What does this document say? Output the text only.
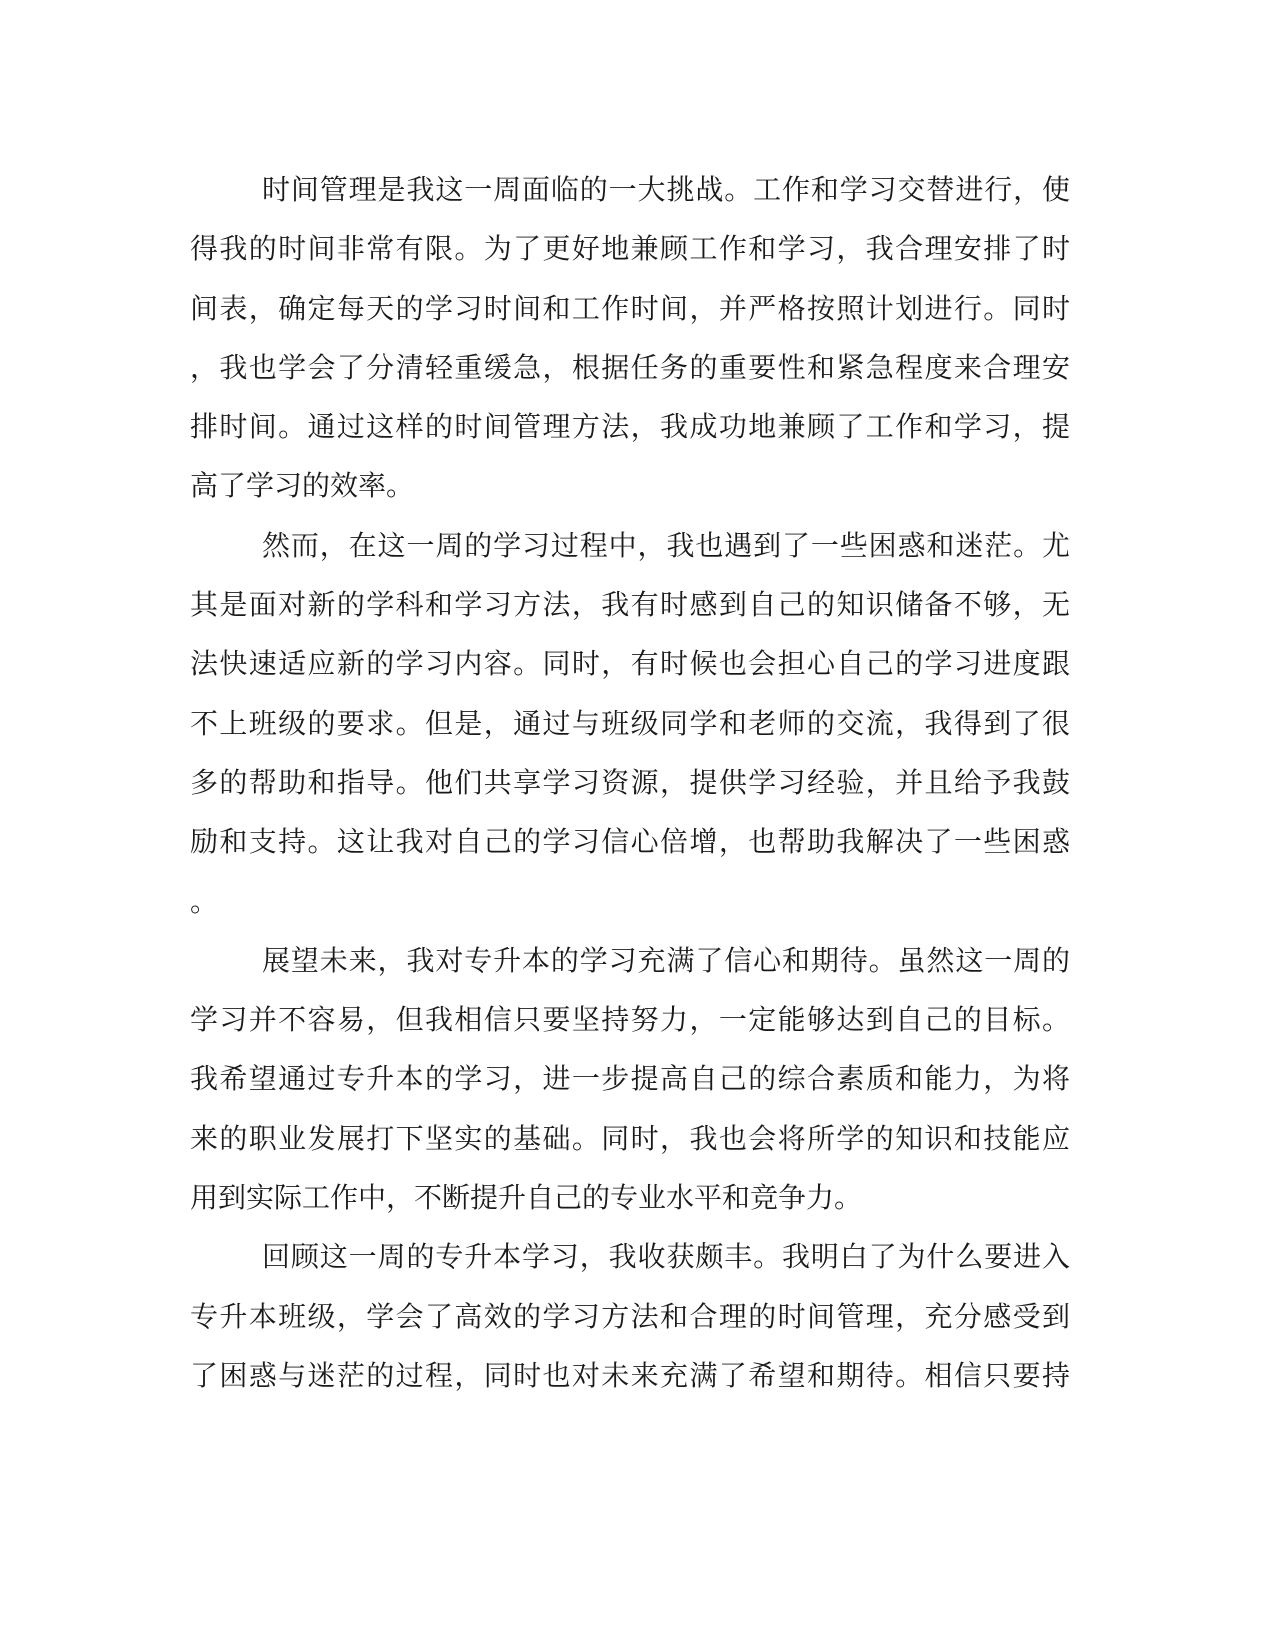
时间管理是我这一周面临的一大挑战。工作和学习交替进行，使
得我的时间非常有限。为了更好地兼顾工作和学习，我合理安排了时
间表，确定每天的学习时间和工作时间，并严格按照计划进行。同时
，我也学会了分清轻重缓急，根据任务的重要性和紧急程度来合理安
排时间。通过这样的时间管理方法，我成功地兼顾了工作和学习，提
高了学习的效率。
然而，在这一周的学习过程中，我也遇到了一些困惑和迷茫。尤
其是面对新的学科和学习方法，我有时感到自己的知识储备不够，无
法快速适应新的学习内容。同时，有时候也会担心自己的学习进度跟
不上班级的要求。但是，通过与班级同学和老师的交流，我得到了很
多的帮助和指导。他们共享学习资源，提供学习经验，并且给予我鼓
励和支持。这让我对自己的学习信心倍增，也帮助我解决了一些困惑
。
展望未来，我对专升本的学习充满了信心和期待。虽然这一周的
学习并不容易，但我相信只要坚持努力，一定能够达到自己的目标。
我希望通过专升本的学习，进一步提高自己的综合素质和能力，为将
来的职业发展打下坚实的基础。同时，我也会将所学的知识和技能应
用到实际工作中，不断提升自己的专业水平和竞争力。
回顾这一周的专升本学习，我收获颇丰。我明白了为什么要进入
专升本班级，学会了高效的学习方法和合理的时间管理，充分感受到
了困惑与迷茫的过程，同时也对未来充满了希望和期待。相信只要持
